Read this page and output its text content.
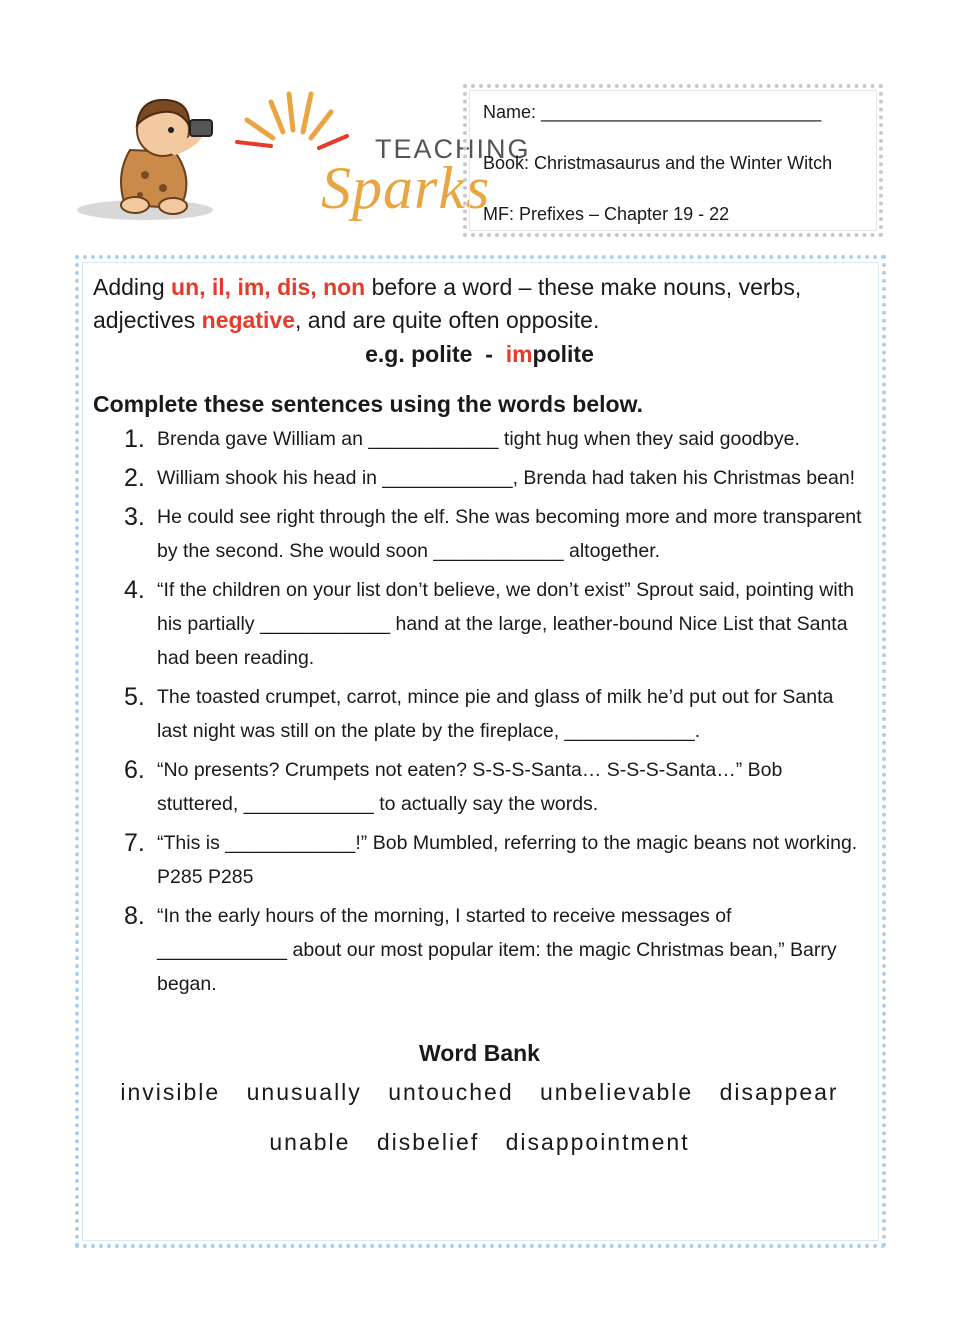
TEACHING
Sparks
Name: ____________________________
Book: Christmasaurus and the Winter Witch
MF: Prefixes – Chapter 19 - 22
Adding un, il, im, dis, non before a word – these make nouns, verbs, adjectives negative, and are quite often opposite.
e.g. polite  -  impolite
Complete these sentences using the words below.
1. Brenda gave William an ____________ tight hug when they said goodbye.
2. William shook his head in ____________, Brenda had taken his Christmas bean!
3. He could see right through the elf. She was becoming more and more transparent by the second. She would soon ____________ altogether.
4. “If the children on your list don’t believe, we don’t exist” Sprout said, pointing with his partially ____________ hand at the large, leather-bound Nice List that Santa had been reading.
5. The toasted crumpet, carrot, mince pie and glass of milk he’d put out for Santa last night was still on the plate by the fireplace, ____________.
6. “No presents? Crumpets not eaten? S-S-S-Santa… S-S-S-Santa…” Bob stuttered, ____________ to actually say the words.
7. “This is ____________!” Bob Mumbled, referring to the magic beans not working. P285 P285
8. “In the early hours of the morning, I started to receive messages of ____________ about our most popular item: the magic Christmas bean,” Barry began.
Word Bank
invisible unusually untouched unbelievable disappear
unable disbelief disappointment
